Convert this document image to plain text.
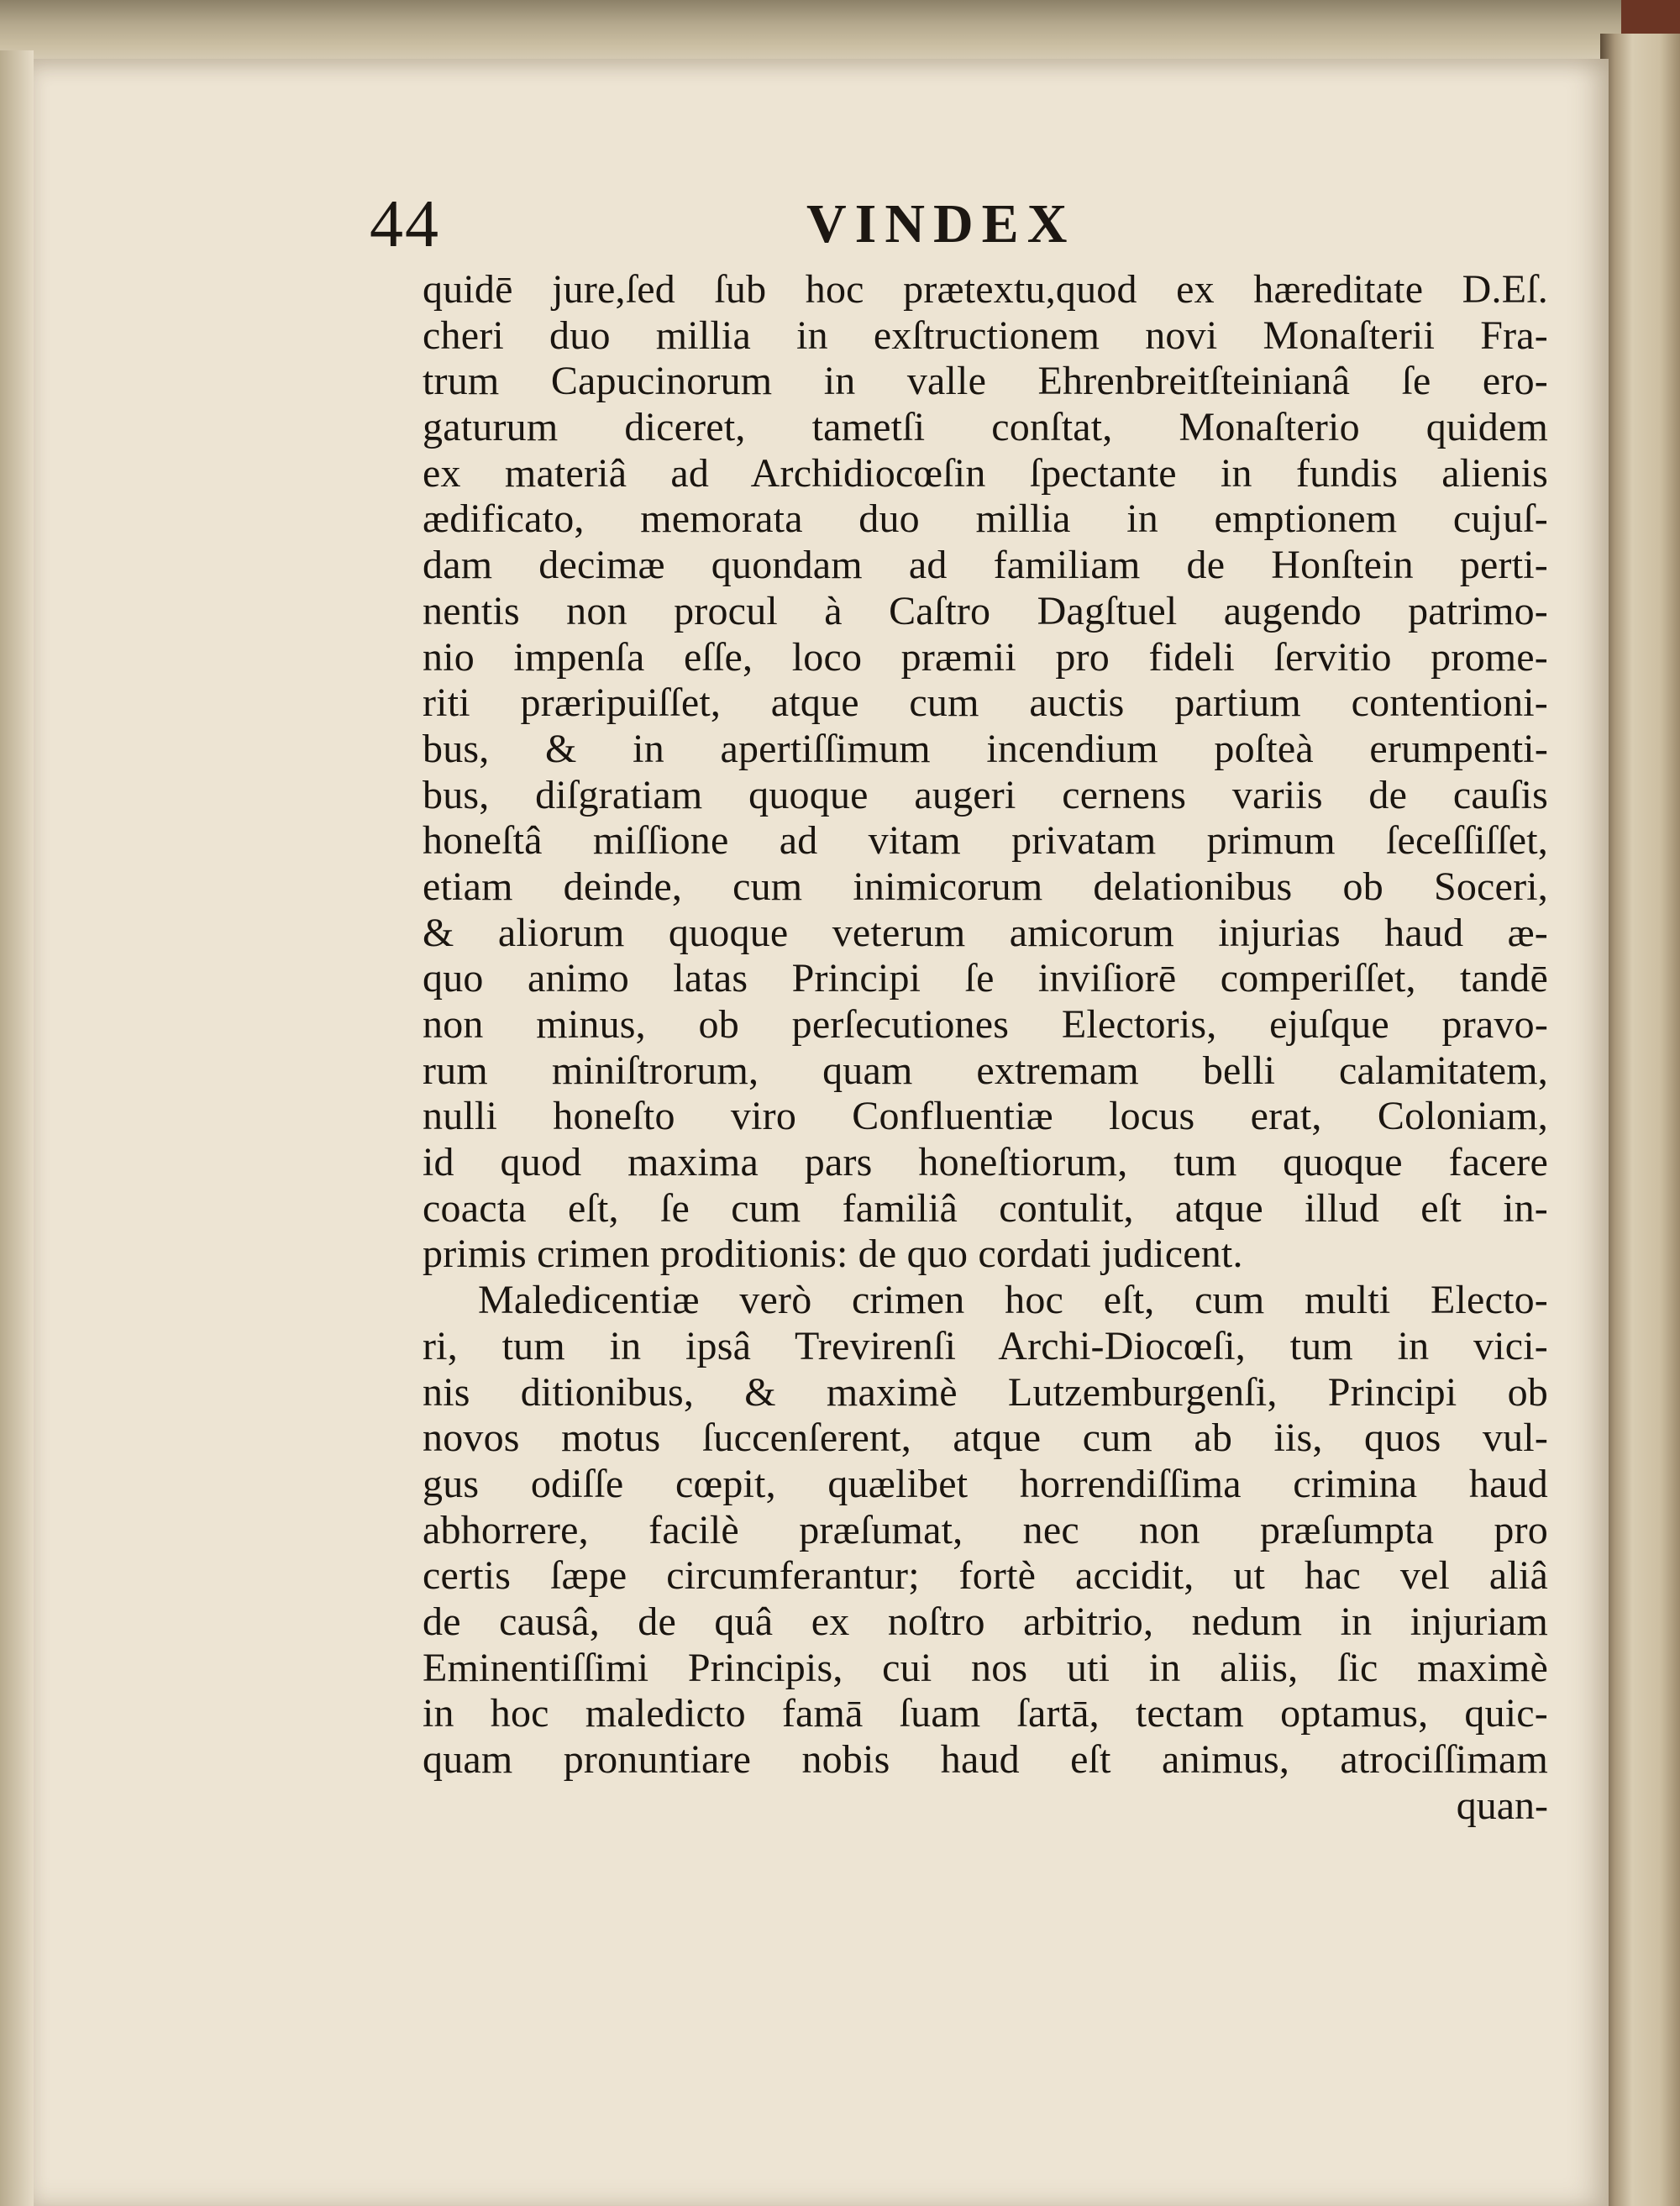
44	VINDEX
quidē jure,ſed ſub hoc prætextu,quod ex hæreditate D.Eſ.
cheri duo millia in exſtructionem novi Monaſterii Fra-
trum Capucinorum in valle Ehrenbreitſteinianâ ſe ero-
gaturum diceret, tametſi conſtat, Monaſterio quidem
ex materiâ ad Archidiocœſin ſpectante in fundis alienis
ædificato, memorata duo millia in emptionem cujuſ-
dam decimæ quondam ad familiam de Honſtein perti-
nentis non procul à Caſtro Dagſtuel augendo patrimo-
nio impenſa eſſe, loco præmii pro fideli ſervitio prome-
riti præripuiſſet, atque cum auctis partium contentioni-
bus, & in apertiſſimum incendium poſteà erumpenti-
bus, diſgratiam quoque augeri cernens variis de cauſis
honeſtâ miſſione ad vitam privatam primum ſeceſſiſſet,
etiam deinde, cum inimicorum delationibus ob Soceri,
& aliorum quoque veterum amicorum injurias haud æ-
quo animo latas Principi ſe inviſiorē comperiſſet, tandē
non minus, ob perſecutiones Electoris, ejuſque pravo-
rum miniſtrorum, quam extremam belli calamitatem,
nulli honeſto viro Confluentiæ locus erat, Coloniam,
id quod maxima pars honeſtiorum, tum quoque facere
coacta eſt, ſe cum familiâ contulit, atque illud eſt in-
primis crimen proditionis: de quo cordati judicent.
Maledicentiæ verò crimen hoc eſt, cum multi Electo-
ri, tum in ipsâ Trevirenſi Archi-Diocœſi, tum in vici-
nis ditionibus, & maximè Lutzemburgenſi, Principi ob
novos motus ſuccenſerent, atque cum ab iis, quos vul-
gus odiſſe cœpit, quælibet horrendiſſima crimina haud
abhorrere, facilè præſumat, nec non præſumpta pro
certis ſæpe circumferantur; fortè accidit, ut hac vel aliâ
de causâ, de quâ ex noſtro arbitrio, nedum in injuriam
Eminentiſſimi Principis, cui nos uti in aliis, ſic maximè
in hoc maledicto famā ſuam ſartā, tectam optamus, quic-
quam pronuntiare nobis haud eſt animus, atrociſſimam
quan-
